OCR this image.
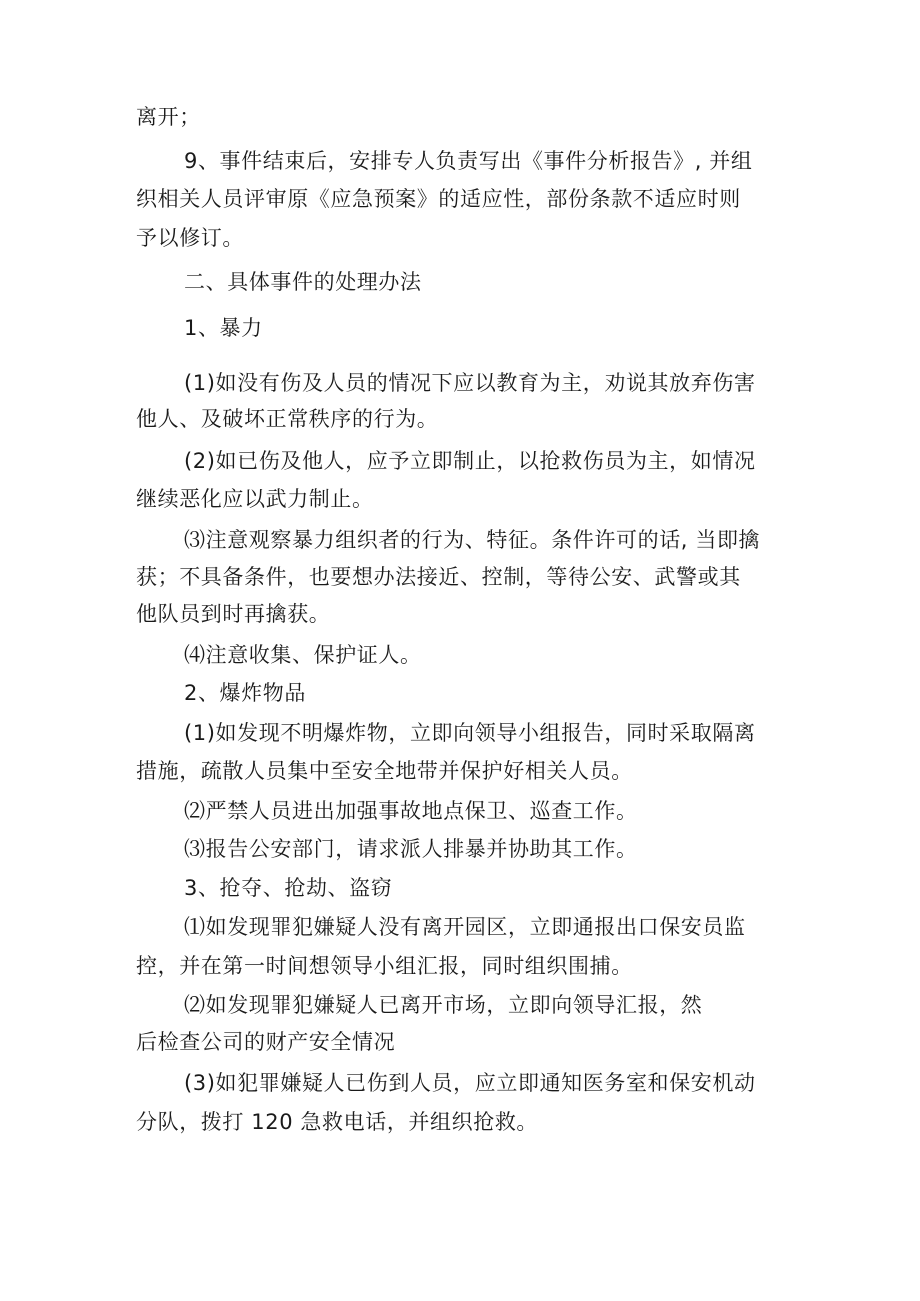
离开；
9、事件结束后，安排专人负责写出《事件分析报告》, 并组
织相关人员评审原《应急预案》的适应性，部份条款不适应时则
予以修订。
二、具体事件的处理办法
1、暴力
(1)如没有伤及人员的情况下应以教育为主，劝说其放弃伤害
他人、及破坏正常秩序的行为。
(2)如已伤及他人，应予立即制止，以抢救伤员为主，如情况
继续恶化应以武力制止。
⑶注意观察暴力组织者的行为、特征。条件许可的话, 当即擒
获；不具备条件，也要想办法接近、控制，等待公安、武警或其
他队员到时再擒获。
⑷注意收集、保护证人。
2、爆炸物品
(1)如发现不明爆炸物，立即向领导小组报告，同时采取隔离
措施，疏散人员集中至安全地带并保护好相关人员。
⑵严禁人员进出加强事故地点保卫、巡查工作。
⑶报告公安部门，请求派人排暴并协助其工作。
3、抢夺、抢劫、盗窃
⑴如发现罪犯嫌疑人没有离开园区，立即通报出口保安员监
控，并在第一时间想领导小组汇报，同时组织围捕。
⑵如发现罪犯嫌疑人已离开市场，立即向领导汇报，然
后检查公司的财产安全情况
(3)如犯罪嫌疑人已伤到人员，应立即通知医务室和保安机动
分队，拨打 120 急救电话，并组织抢救。
